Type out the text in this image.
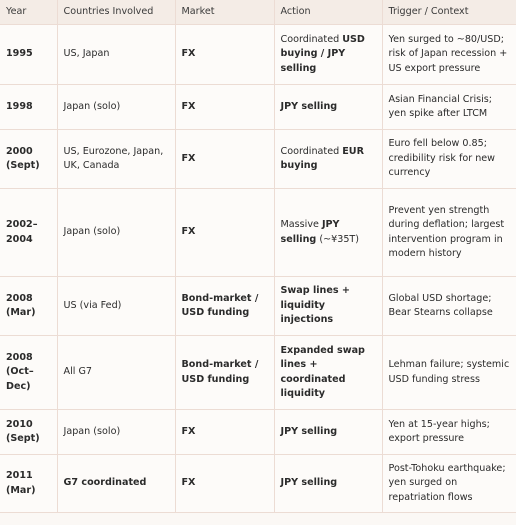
Year	Countries Involved	Market	Action	Trigger / Context
1995	US, Japan	FX	Coordinated USD buying / JPY selling	Yen surged to ~80/USD; risk of Japan recession + US export pressure
1998	Japan (solo)	FX	JPY selling	Asian Financial Crisis; yen spike after LTCM
2000 (Sept)	US, Eurozone, Japan, UK, Canada	FX	Coordinated EUR buying	Euro fell below 0.85; credibility risk for new currency
2002–2004	Japan (solo)	FX	Massive JPY selling (~¥35T)	Prevent yen strength during deflation; largest intervention program in modern history
2008 (Mar)	US (via Fed)	Bond-market / USD funding	Swap lines + liquidity injections	Global USD shortage; Bear Stearns collapse
2008 (Oct–Dec)	All G7	Bond-market / USD funding	Expanded swap lines + coordinated liquidity	Lehman failure; systemic USD funding stress
2010 (Sept)	Japan (solo)	FX	JPY selling	Yen at 15-year highs; export pressure
2011 (Mar)	G7 coordinated	FX	JPY selling	Post-Tohoku earthquake; yen surged on repatriation flows
